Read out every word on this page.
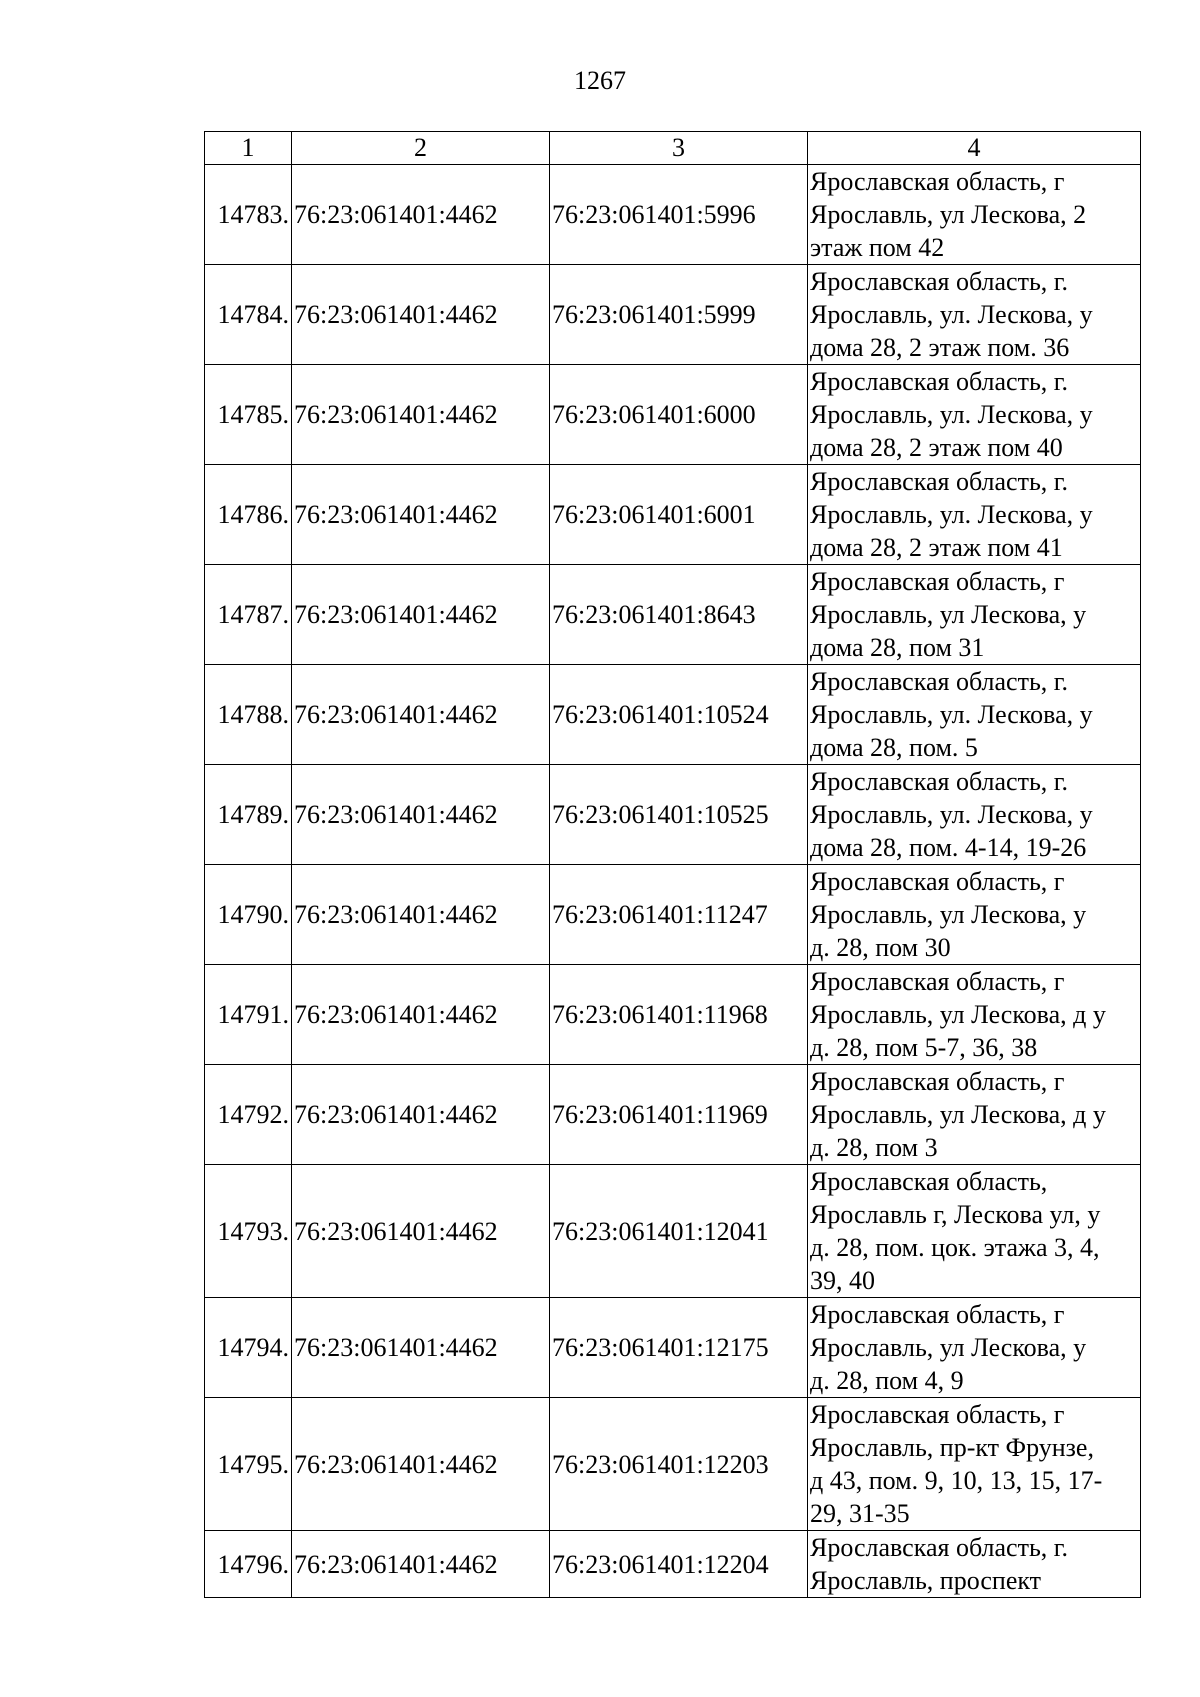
1267
1	2	3	4
14783.	76:23:061401:4462	76:23:061401:5996	Ярославская область, г
Ярославль, ул Лескова, 2
этаж пом 42

14784.	76:23:061401:4462	76:23:061401:5999	Ярославская область, г.
Ярославль, ул. Лескова, у
дома 28, 2 этаж пом. 36

14785.	76:23:061401:4462	76:23:061401:6000	Ярославская область, г.
Ярославль, ул. Лескова, у
дома 28, 2 этаж пом 40

14786.	76:23:061401:4462	76:23:061401:6001	Ярославская область, г.
Ярославль, ул. Лескова, у
дома 28, 2 этаж пом 41

14787.	76:23:061401:4462	76:23:061401:8643	Ярославская область, г
Ярославль, ул Лескова, у
дома 28, пом 31

14788.	76:23:061401:4462	76:23:061401:10524	Ярославская область, г.
Ярославль, ул. Лескова, у
дома 28, пом. 5

14789.	76:23:061401:4462	76:23:061401:10525	Ярославская область, г.
Ярославль, ул. Лескова, у
дома 28, пом. 4-14, 19-26

14790.	76:23:061401:4462	76:23:061401:11247	Ярославская область, г
Ярославль, ул Лескова, у
д. 28, пом 30

14791.	76:23:061401:4462	76:23:061401:11968	Ярославская область, г
Ярославль, ул Лескова, д у
д. 28, пом 5-7, 36, 38

14792.	76:23:061401:4462	76:23:061401:11969	Ярославская область, г
Ярославль, ул Лескова, д у
д. 28, пом 3

14793.	76:23:061401:4462	76:23:061401:12041	Ярославская область,
Ярославль г, Лескова ул, у
д. 28, пом. цок. этажа 3, 4,
39, 40

14794.	76:23:061401:4462	76:23:061401:12175	Ярославская область, г
Ярославль, ул Лескова, у
д. 28, пом 4, 9

14795.	76:23:061401:4462	76:23:061401:12203	Ярославская область, г
Ярославль, пр-кт Фрунзе,
д 43, пом. 9, 10, 13, 15, 17-
29, 31-35

14796.	76:23:061401:4462	76:23:061401:12204	Ярославская область, г.
Ярославль, проспект
